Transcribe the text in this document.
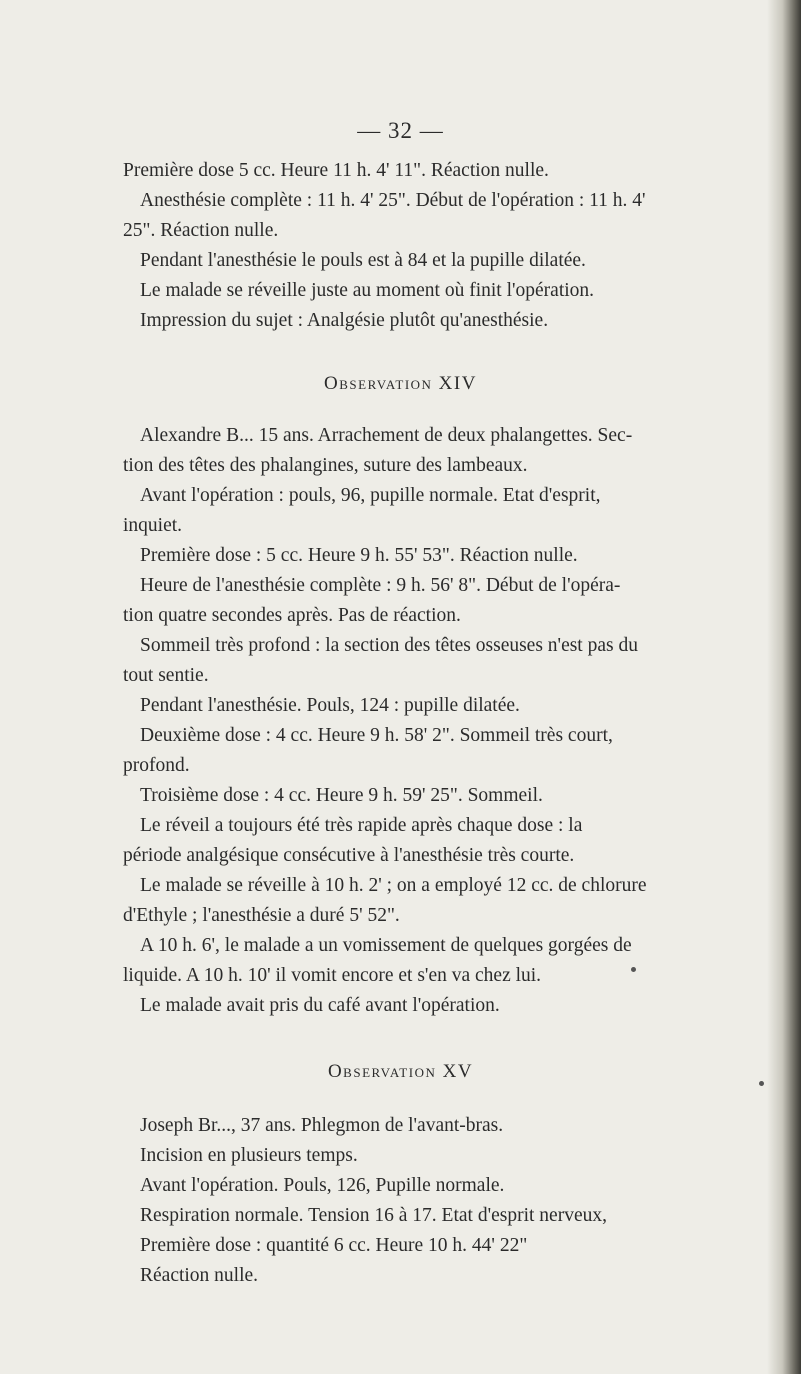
— 32 —
Première dose 5 cc. Heure 11 h. 4' 11". Réaction nulle.
Anesthésie complète : 11 h. 4' 25". Début de l'opération : 11 h. 4'
25". Réaction nulle.
Pendant l'anesthésie le pouls est à 84 et la pupille dilatée.
Le malade se réveille juste au moment où finit l'opération.
Impression du sujet : Analgésie plutôt qu'anesthésie.
Observation XIV
Alexandre B... 15 ans. Arrachement de deux phalangettes. Sec-
tion des têtes des phalangines, suture des lambeaux.
Avant l'opération : pouls, 96, pupille normale. Etat d'esprit,
inquiet.
Première dose : 5 cc. Heure 9 h. 55' 53". Réaction nulle.
Heure de l'anesthésie complète : 9 h. 56' 8". Début de l'opéra-
tion quatre secondes après. Pas de réaction.
Sommeil très profond : la section des têtes osseuses n'est pas du
tout sentie.
Pendant l'anesthésie. Pouls, 124 : pupille dilatée.
Deuxième dose : 4 cc. Heure 9 h. 58' 2". Sommeil très court,
profond.
Troisième dose : 4 cc. Heure 9 h. 59' 25". Sommeil.
Le réveil a toujours été très rapide après chaque dose : la
période analgésique consécutive à l'anesthésie très courte.
Le malade se réveille à 10 h. 2' ; on a employé 12 cc. de chlorure
d'Ethyle ; l'anesthésie a duré 5' 52".
A 10 h. 6', le malade a un vomissement de quelques gorgées de
liquide. A 10 h. 10' il vomit encore et s'en va chez lui.
Le malade avait pris du café avant l'opération.
Observation XV
Joseph Br..., 37 ans. Phlegmon de l'avant-bras.
Incision en plusieurs temps.
Avant l'opération. Pouls, 126, Pupille normale.
Respiration normale. Tension 16 à 17. Etat d'esprit nerveux,
Première dose : quantité 6 cc. Heure 10 h. 44' 22"
Réaction nulle.
